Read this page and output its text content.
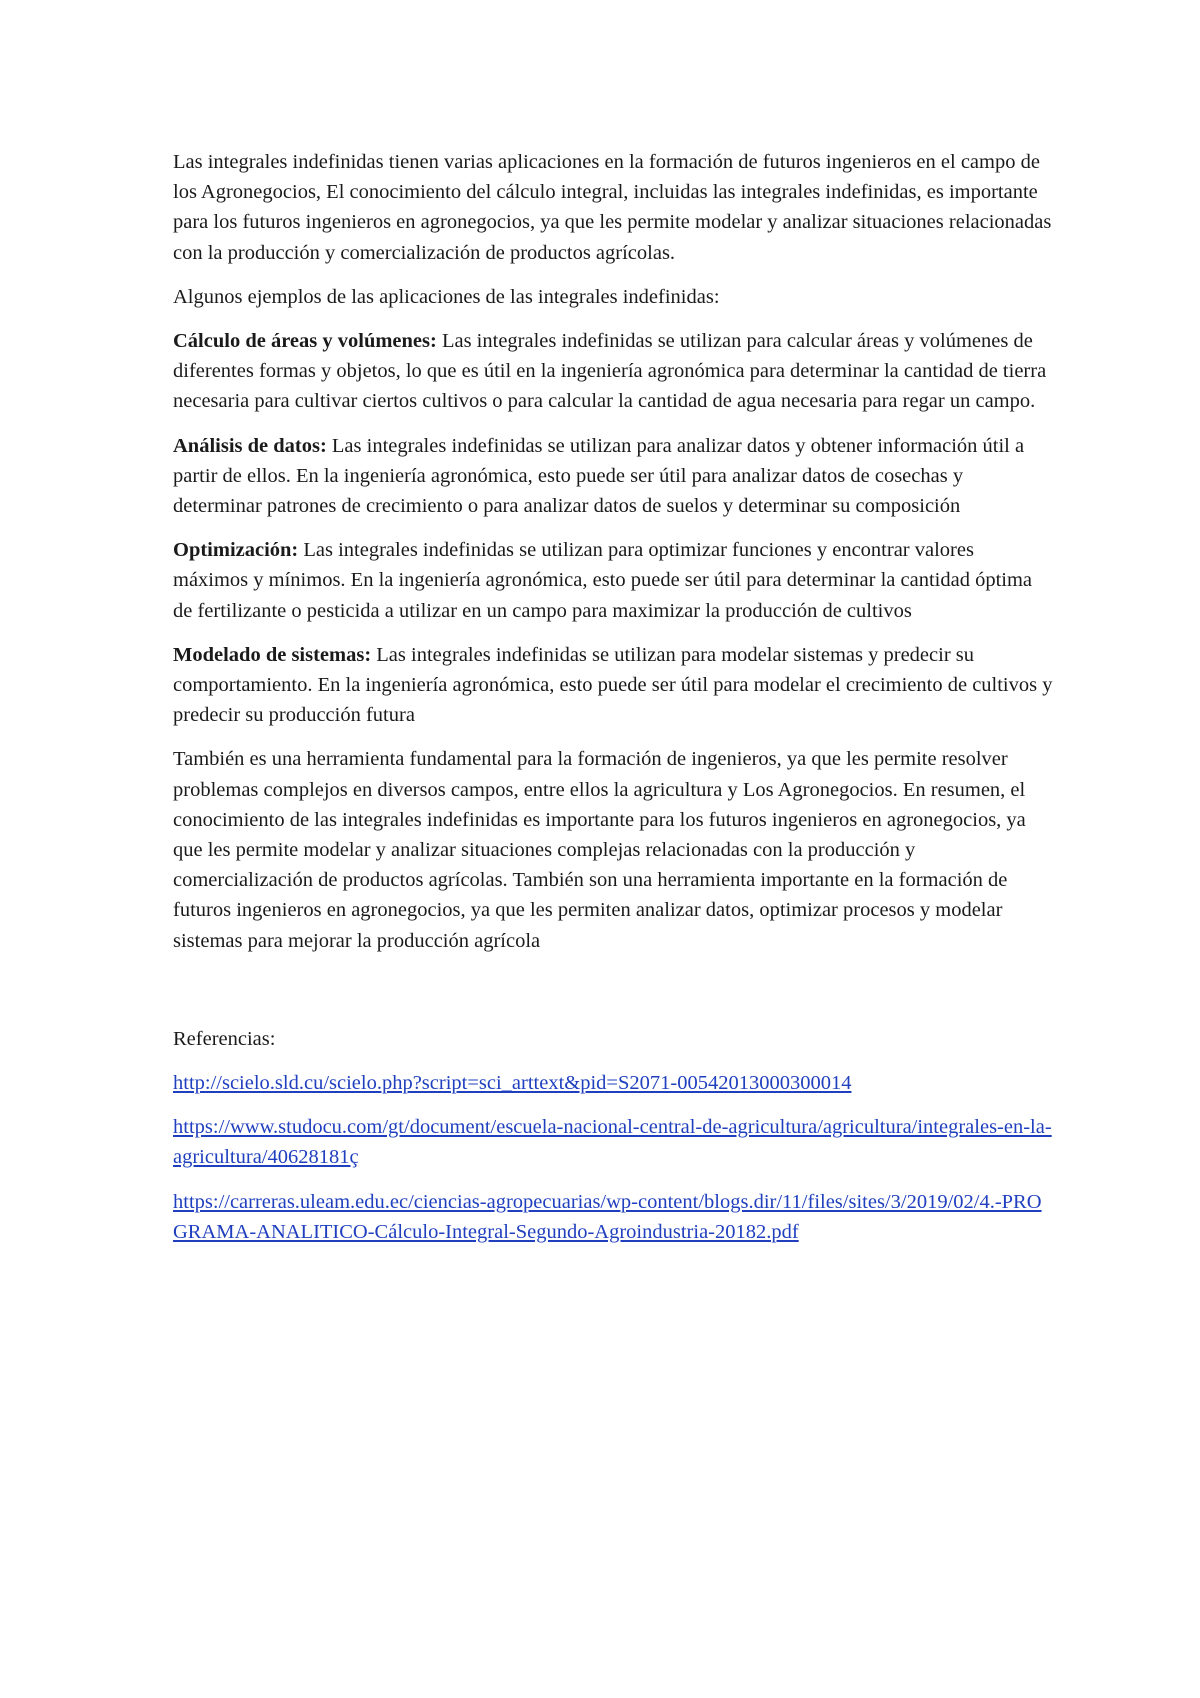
Las integrales indefinidas tienen varias aplicaciones en la formación de futuros ingenieros en el campo de los Agronegocios, El conocimiento del cálculo integral, incluidas las integrales indefinidas, es importante para los futuros ingenieros en agronegocios, ya que les permite modelar y analizar situaciones relacionadas con la producción y comercialización de productos agrícolas.

Algunos ejemplos de las aplicaciones de las integrales indefinidas:

Cálculo de áreas y volúmenes: Las integrales indefinidas se utilizan para calcular áreas y volúmenes de diferentes formas y objetos, lo que es útil en la ingeniería agronómica para determinar la cantidad de tierra necesaria para cultivar ciertos cultivos o para calcular la cantidad de agua necesaria para regar un campo.

Análisis de datos: Las integrales indefinidas se utilizan para analizar datos y obtener información útil a partir de ellos. En la ingeniería agronómica, esto puede ser útil para analizar datos de cosechas y determinar patrones de crecimiento o para analizar datos de suelos y determinar su composición

Optimización: Las integrales indefinidas se utilizan para optimizar funciones y encontrar valores máximos y mínimos. En la ingeniería agronómica, esto puede ser útil para determinar la cantidad óptima de fertilizante o pesticida a utilizar en un campo para maximizar la producción de cultivos

Modelado de sistemas: Las integrales indefinidas se utilizan para modelar sistemas y predecir su comportamiento. En la ingeniería agronómica, esto puede ser útil para modelar el crecimiento de cultivos y predecir su producción futura

También es una herramienta fundamental para la formación de ingenieros, ya que les permite resolver problemas complejos en diversos campos, entre ellos la agricultura y Los Agronegocios. En resumen, el conocimiento de las integrales indefinidas es importante para los futuros ingenieros en agronegocios, ya que les permite modelar y analizar situaciones complejas relacionadas con la producción y comercialización de productos agrícolas. También son una herramienta importante en la formación de futuros ingenieros en agronegocios, ya que les permiten analizar datos, optimizar procesos y modelar sistemas para mejorar la producción agrícola

Referencias:

http://scielo.sld.cu/scielo.php?script=sci_arttext&pid=S2071-00542013000300014
https://www.studocu.com/gt/document/escuela-nacional-central-de-agricultura/agricultura/integrales-en-la-agricultura/40628181ç
https://carreras.uleam.edu.ec/ciencias-agropecuarias/wp-content/blogs.dir/11/files/sites/3/2019/02/4.-PROGRAMA-ANALITICO-Cálculo-Integral-Segundo-Agroindustria-20182.pdf
